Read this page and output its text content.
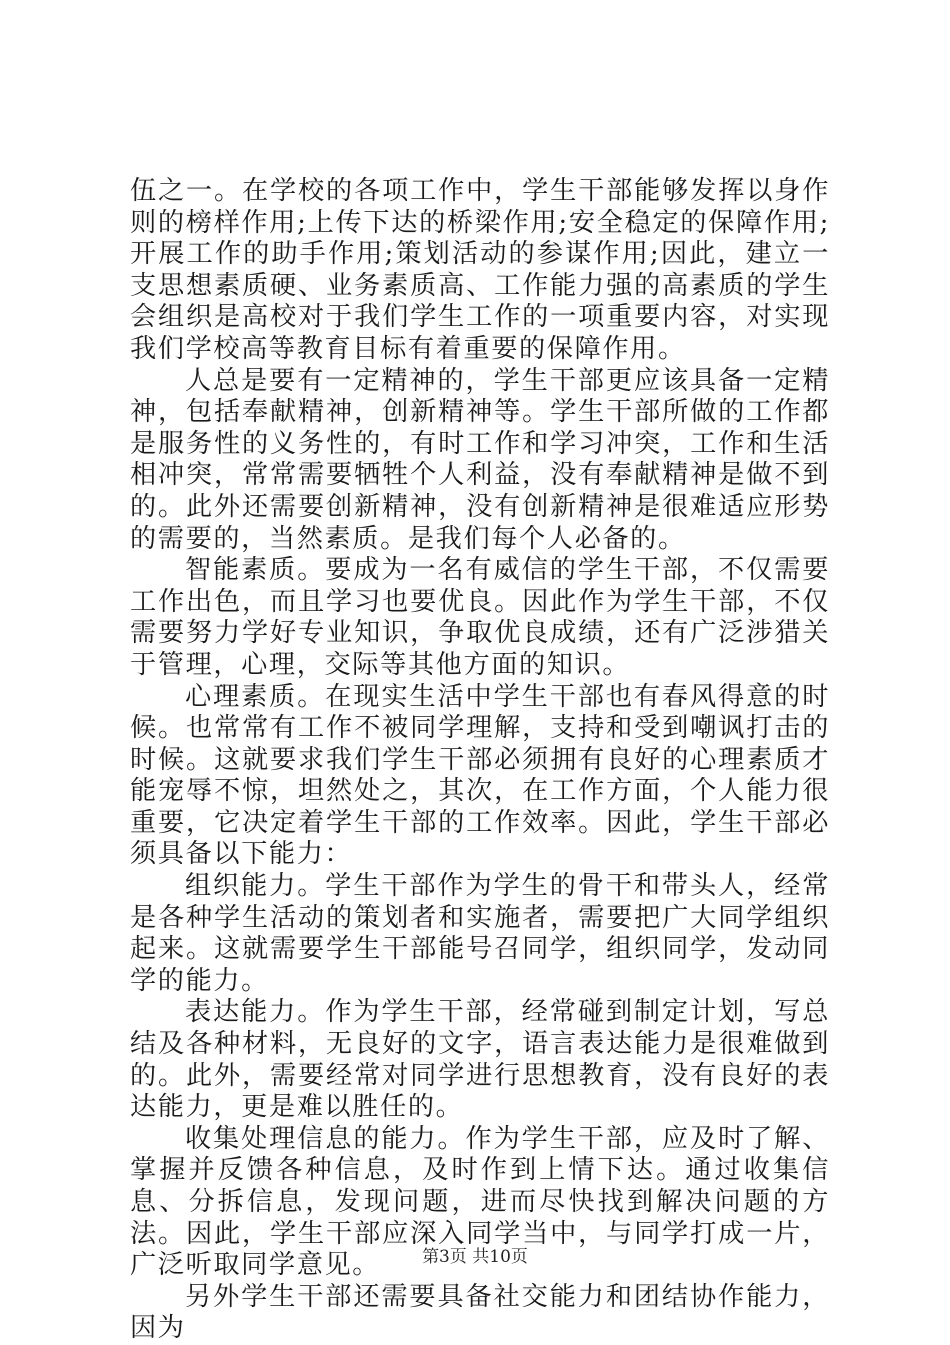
伍之一。在学校的各项工作中，学生干部能够发挥以身作则的榜样作用;上传下达的桥梁作用;安全稳定的保障作用;开展工作的助手作用;策划活动的参谋作用;因此，建立一支思想素质硬、业务素质高、工作能力强的高素质的学生会组织是高校对于我们学生工作的一项重要内容，对实现我们学校高等教育目标有着重要的保障作用。

人总是要有一定精神的，学生干部更应该具备一定精神，包括奉献精神，创新精神等。学生干部所做的工作都是服务性的义务性的，有时工作和学习冲突，工作和生活相冲突，常常需要牺牲个人利益，没有奉献精神是做不到的。此外还需要创新精神，没有创新精神是很难适应形势的需要的，当然素质。是我们每个人必备的。

智能素质。要成为一名有威信的学生干部，不仅需要工作出色，而且学习也要优良。因此作为学生干部，不仅需要努力学好专业知识，争取优良成绩，还有广泛涉猎关于管理，心理，交际等其他方面的知识。

心理素质。在现实生活中学生干部也有春风得意的时候。也常常有工作不被同学理解，支持和受到嘲讽打击的时候。这就要求我们学生干部必须拥有良好的心理素质才能宠辱不惊，坦然处之，其次，在工作方面，个人能力很重要，它决定着学生干部的工作效率。因此，学生干部必须具备以下能力：

组织能力。学生干部作为学生的骨干和带头人，经常是各种学生活动的策划者和实施者，需要把广大同学组织起来。这就需要学生干部能号召同学，组织同学，发动同学的能力。

表达能力。作为学生干部，经常碰到制定计划，写总结及各种材料，无良好的文字，语言表达能力是很难做到的。此外，需要经常对同学进行思想教育，没有良好的表达能力，更是难以胜任的。

收集处理信息的能力。作为学生干部，应及时了解、掌握并反馈各种信息，及时作到上情下达。通过收集信息、分拆信息，发现问题，进而尽快找到解决问题的方法。因此，学生干部应深入同学当中，与同学打成一片，广泛听取同学意见。

另外学生干部还需要具备社交能力和团结协作能力，因为

第3页 共10页
